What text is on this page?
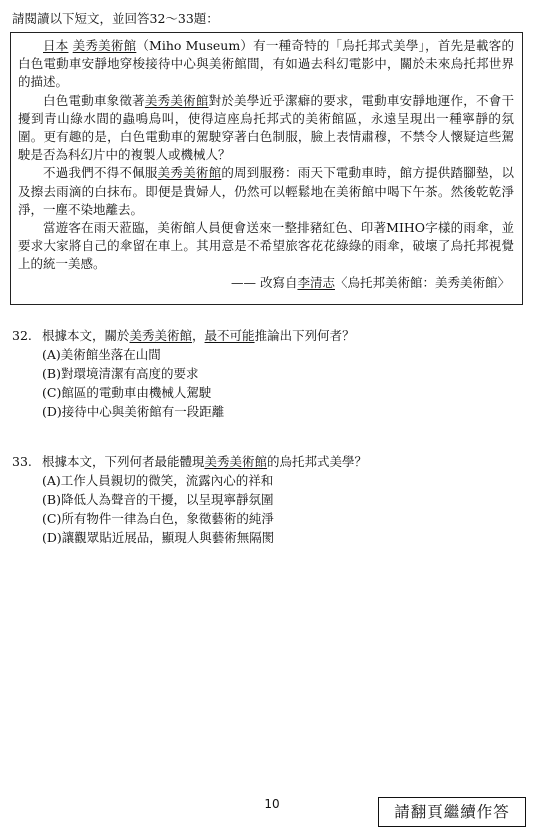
請閱讀以下短文，並回答32～33題：

日本 美秀美術館（Miho Museum）有一種奇特的「烏托邦式美學」，首先是載客的白色電動車安靜地穿梭接待中心與美術館間，有如過去科幻電影中，關於未來烏托邦世界的描述。

白色電動車象徵著美秀美術館對於美學近乎潔癖的要求，電動車安靜地運作，不會干擾到青山綠水間的蟲鳴鳥叫，使得這座烏托邦式的美術館區，永遠呈現出一種寧靜的氛圍。更有趣的是，白色電動車的駕駛穿著白色制服，臉上表情肅穆，不禁令人懷疑這些駕駛是否為科幻片中的複製人或機械人？

不過我們不得不佩服美秀美術館的周到服務：雨天下電動車時，館方提供踏腳墊，以及擦去雨滴的白抹布。即便是貴婦人，仍然可以輕鬆地在美術館中喝下午茶。然後乾乾淨淨，一塵不染地離去。

當遊客在雨天蒞臨，美術館人員便會送來一整排豬紅色、印著MIHO字樣的雨傘，並要求大家將自己的傘留在車上。其用意是不希望旅客花花綠綠的雨傘，破壞了烏托邦視覺上的統一美感。

—— 改寫自李清志〈烏托邦美術館：美秀美術館〉

32. 根據本文，關於美秀美術館，最不可能推論出下列何者？
(A)美術館坐落在山間
(B)對環境清潔有高度的要求
(C)館區的電動車由機械人駕駛
(D)接待中心與美術館有一段距離
33. 根據本文，下列何者最能體現美秀美術館的烏托邦式美學？
(A)工作人員親切的微笑，流露內心的祥和
(B)降低人為聲音的干擾，以呈現寧靜氛圍
(C)所有物件一律為白色，象徵藝術的純淨
(D)讓觀眾貼近展品，顯現人與藝術無隔閡
10	請翻頁繼續作答
